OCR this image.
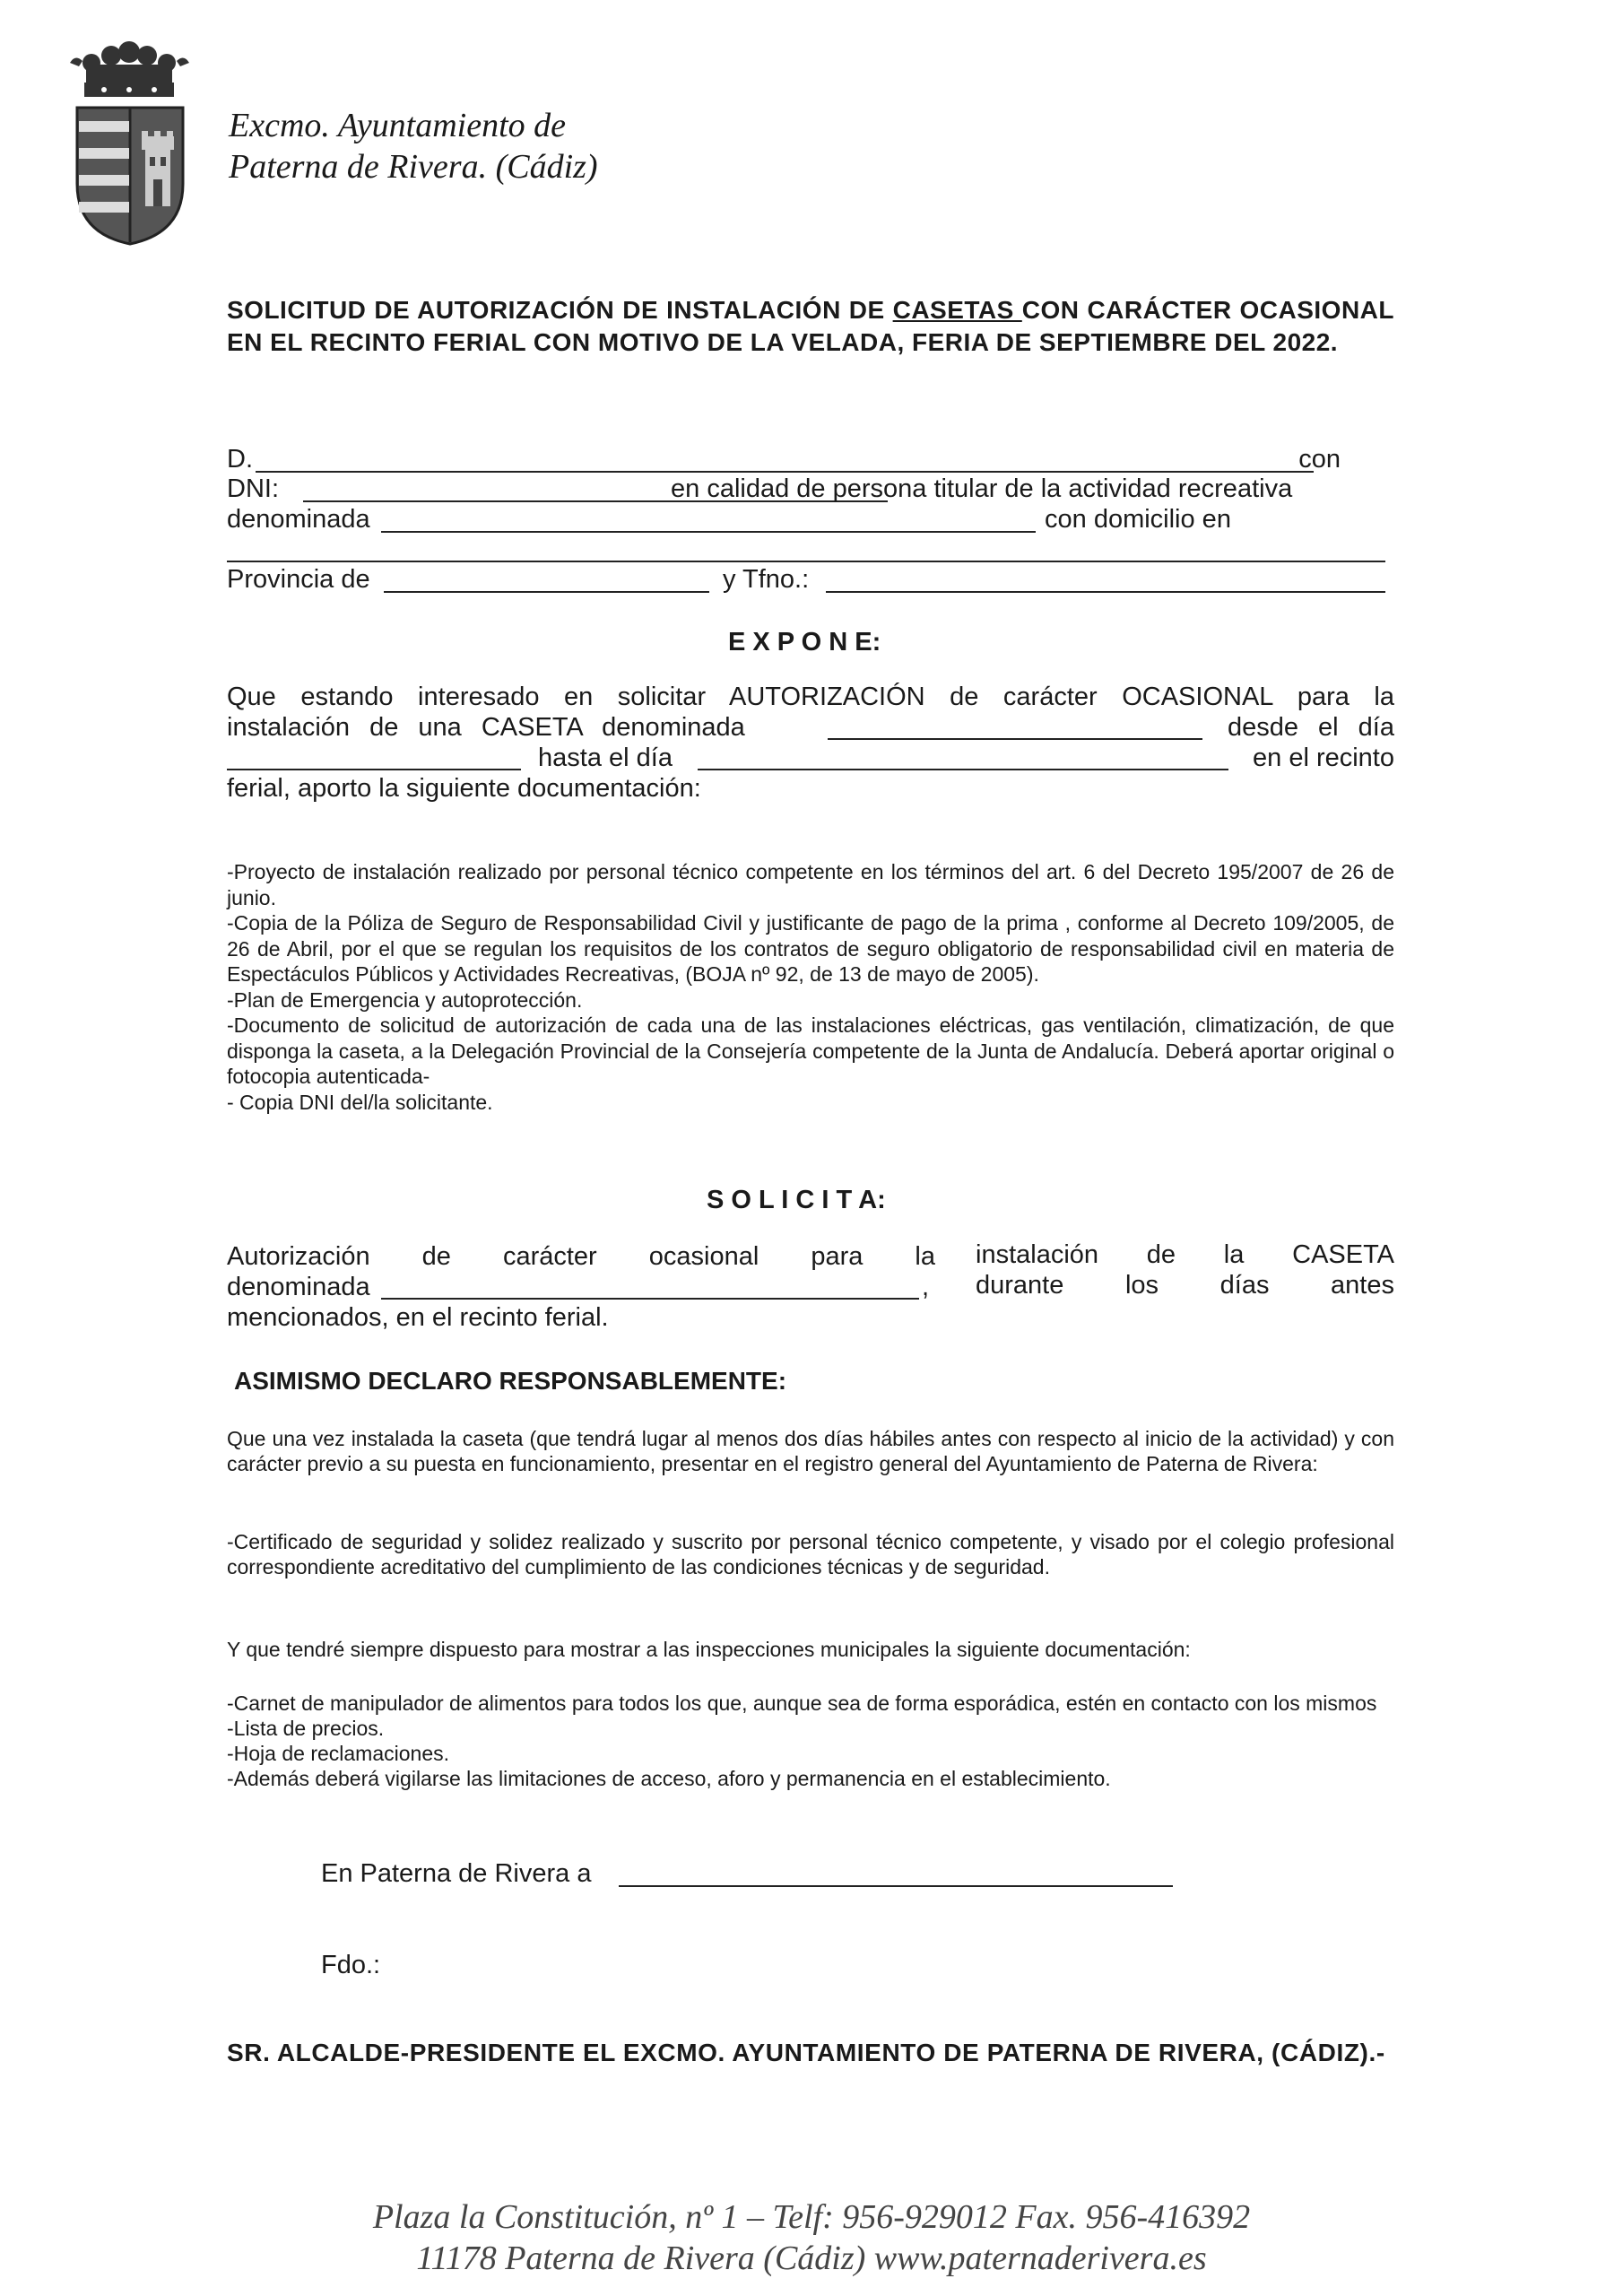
Excmo. Ayuntamiento de
Paterna de Rivera. (Cádiz)
SOLICITUD DE AUTORIZACIÓN DE INSTALACIÓN DE CASETAS CON CARÁCTER OCASIONAL EN EL RECINTO FERIAL CON MOTIVO DE LA VELADA, FERIA DE SEPTIEMBRE DEL 2022.
D.	con
DNI:	en calidad de persona titular de la actividad recreativa
denominada	con domicilio en
Provincia de	y Tfno.:
E X P O N E:
Que estando interesado en solicitar AUTORIZACIÓN de carácter OCASIONAL para la
instalación de una CASETA denominada	desde el día
hasta el día	en el recinto
ferial, aporto la siguiente documentación:
-Proyecto de instalación realizado por personal técnico competente en los términos del art. 6 del Decreto 195/2007 de 26 de junio.
-Copia de la Póliza de Seguro de Responsabilidad Civil y justificante de pago de la prima , conforme al Decreto 109/2005, de 26 de Abril, por el que se regulan los requisitos de los contratos de seguro obligatorio de responsabilidad civil en materia de Espectáculos Públicos y Actividades Recreativas, (BOJA nº 92, de 13 de mayo de 2005).
-Plan de Emergencia y autoprotección.
-Documento de solicitud de autorización de cada una de las instalaciones eléctricas, gas ventilación, climatización, de que disponga la caseta, a la Delegación Provincial de la Consejería competente de la Junta de Andalucía. Deberá aportar original o fotocopia autenticada-
- Copia DNI del/la solicitante.
S O L I C I T A:
Autorización de carácter ocasional para la
denominada	,
mencionados, en el recinto ferial.
instalación de la CASETA
durante los días antes
ASIMISMO DECLARO RESPONSABLEMENTE:
Que una vez instalada la caseta (que tendrá lugar al menos dos días hábiles antes con respecto al inicio de la actividad) y con carácter previo a su puesta en funcionamiento, presentar en el registro general del Ayuntamiento de Paterna de Rivera:
-Certificado de seguridad y solidez realizado y suscrito por personal técnico competente, y visado por el colegio profesional correspondiente acreditativo del cumplimiento de las condiciones técnicas y de seguridad.
Y que tendré siempre dispuesto para mostrar a las inspecciones municipales la siguiente documentación:
-Carnet de manipulador de alimentos para todos los que, aunque sea de forma esporádica, estén en contacto con los mismos
-Lista de precios.
-Hoja de reclamaciones.
-Además deberá vigilarse las limitaciones de acceso, aforo y permanencia en el establecimiento.
En Paterna de Rivera a
Fdo.:
SR. ALCALDE-PRESIDENTE EL EXCMO. AYUNTAMIENTO DE PATERNA DE RIVERA, (CÁDIZ).-
Plaza la Constitución, nº 1 – Telf: 956-929012 Fax. 956-416392
11178 Paterna de Rivera (Cádiz) www.paternaderivera.es
